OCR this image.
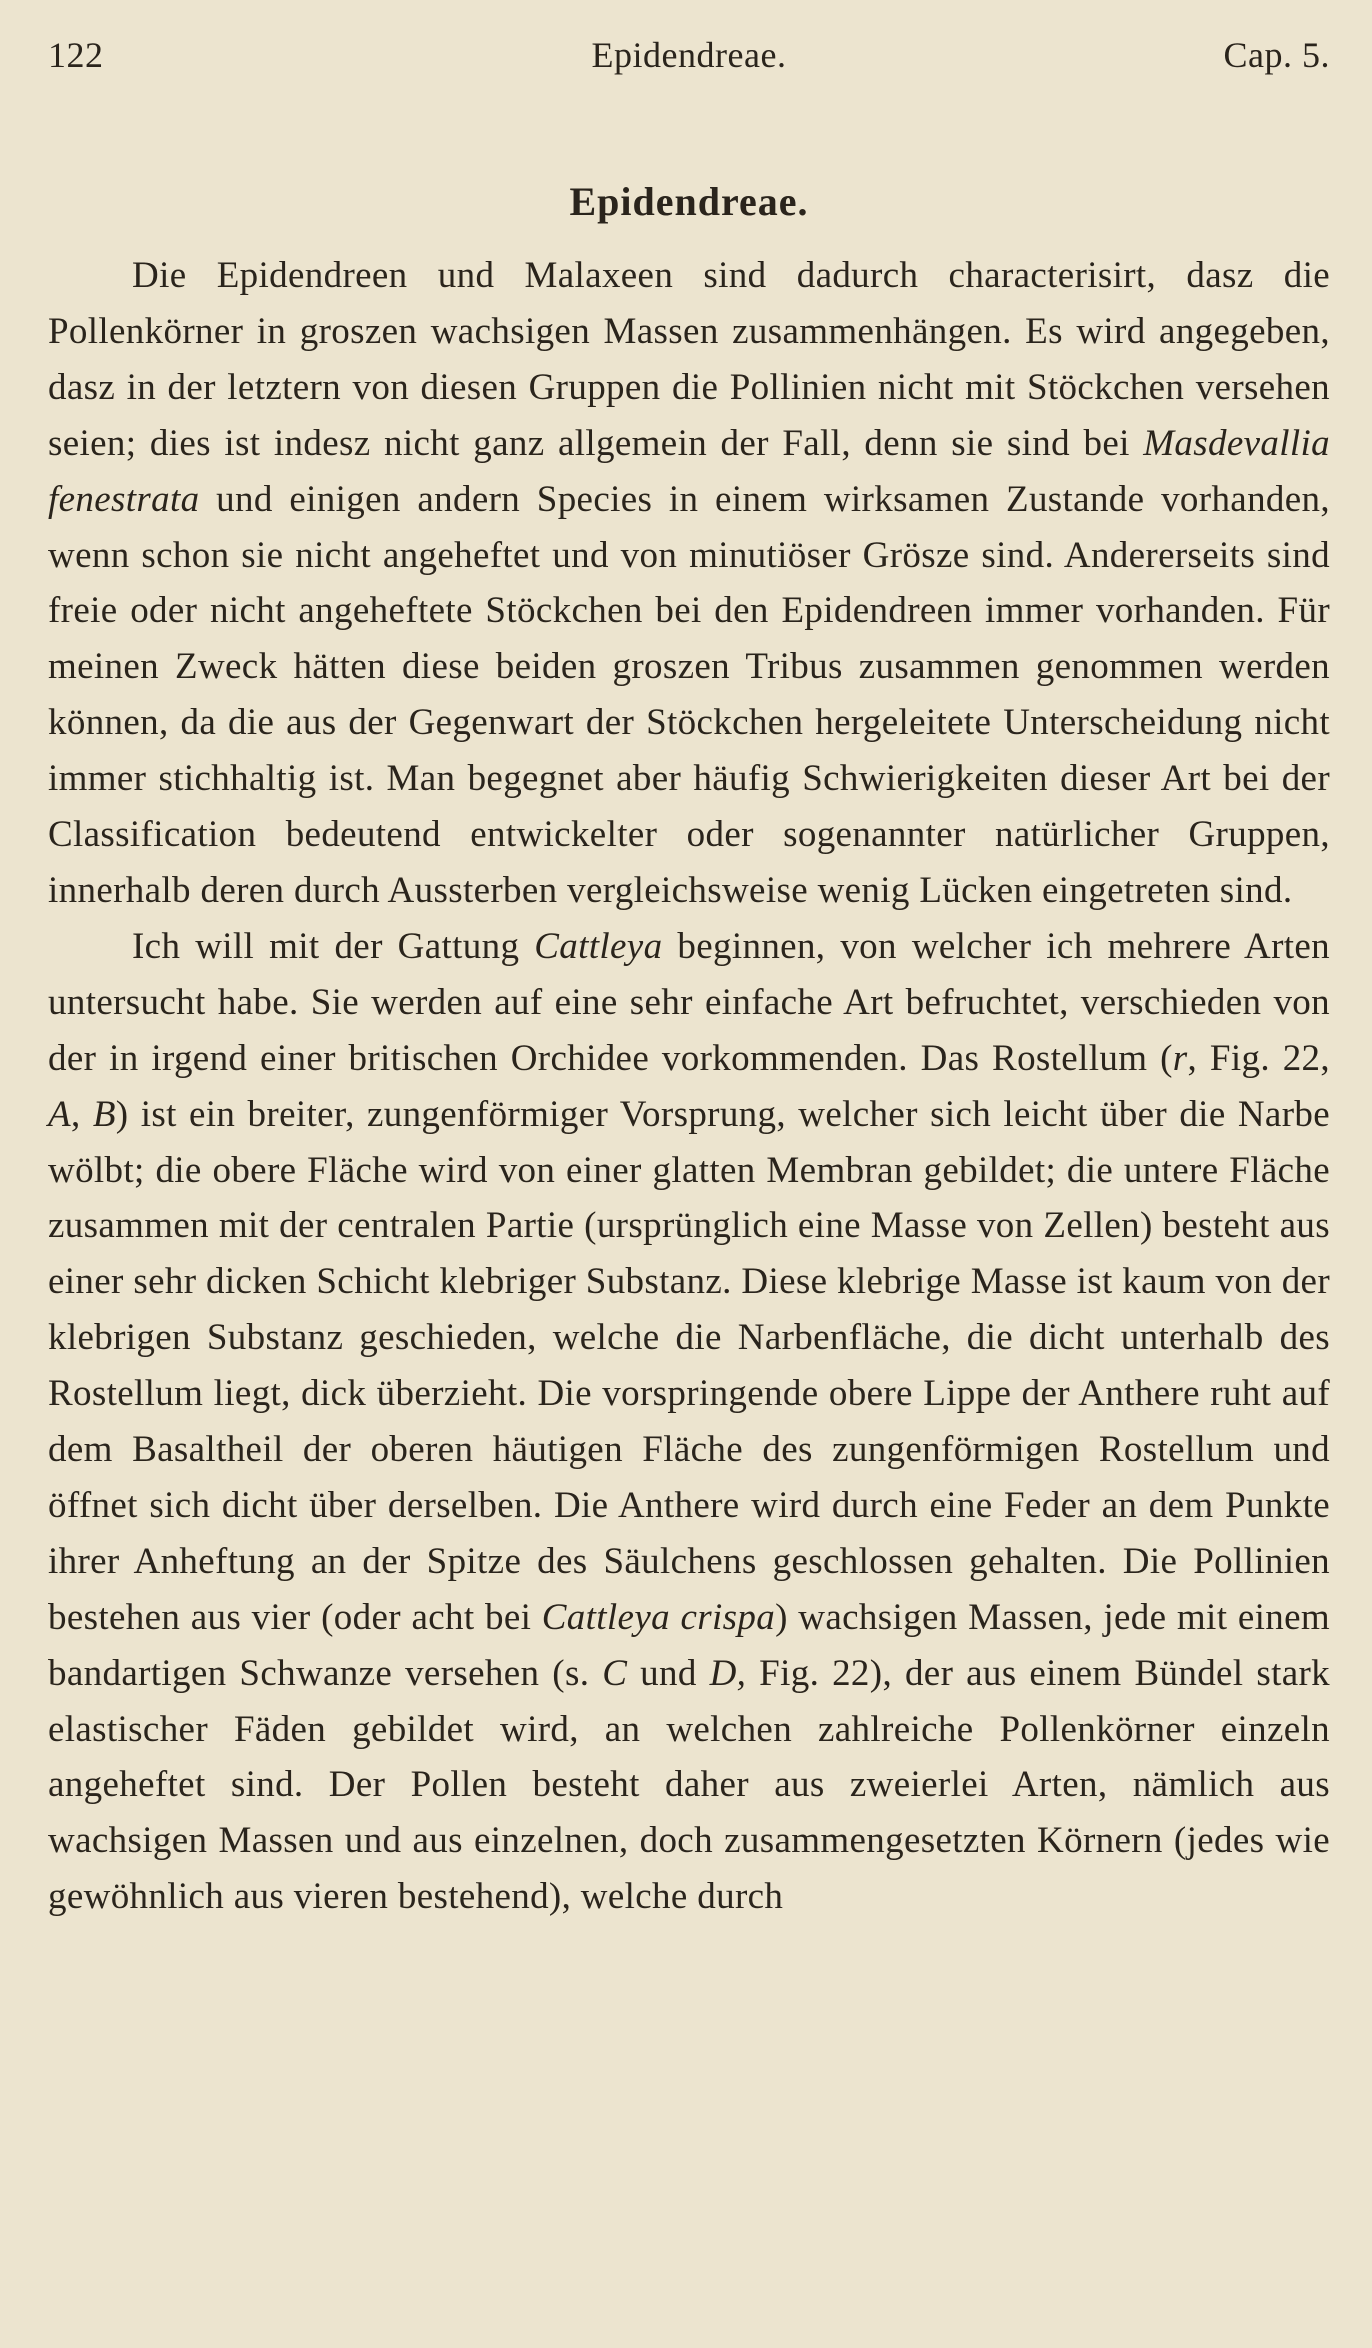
122	Epidendreae.	Cap. 5.
Epidendreae.

Die Epidendreen und Malaxeen sind dadurch characterisirt, dasz die Pollenkörner in groszen wachsigen Massen zusammenhängen. Es wird angegeben, dasz in der letztern von diesen Gruppen die Pollinien nicht mit Stöckchen versehen seien; dies ist indesz nicht ganz allgemein der Fall, denn sie sind bei Masdevallia fenestrata und einigen andern Species in einem wirksamen Zustande vorhanden, wenn schon sie nicht angeheftet und von minutiöser Grösze sind. Andererseits sind freie oder nicht angeheftete Stöckchen bei den Epidendreen immer vorhanden. Für meinen Zweck hätten diese beiden groszen Tribus zusammen genommen werden können, da die aus der Gegenwart der Stöckchen hergeleitete Unterscheidung nicht immer stichhaltig ist. Man begegnet aber häufig Schwierigkeiten dieser Art bei der Classification bedeutend entwickelter oder sogenannter natürlicher Gruppen, innerhalb deren durch Aussterben vergleichsweise wenig Lücken eingetreten sind.

Ich will mit der Gattung Cattleya beginnen, von welcher ich mehrere Arten untersucht habe. Sie werden auf eine sehr einfache Art befruchtet, verschieden von der in irgend einer britischen Orchidee vorkommenden. Das Rostellum (r, Fig. 22, A, B) ist ein breiter, zungenförmiger Vorsprung, welcher sich leicht über die Narbe wölbt; die obere Fläche wird von einer glatten Membran gebildet; die untere Fläche zusammen mit der centralen Partie (ursprünglich eine Masse von Zellen) besteht aus einer sehr dicken Schicht klebriger Substanz. Diese klebrige Masse ist kaum von der klebrigen Substanz geschieden, welche die Narbenfläche, die dicht unterhalb des Rostellum liegt, dick überzieht. Die vorspringende obere Lippe der Anthere ruht auf dem Basaltheil der oberen häutigen Fläche des zungenförmigen Rostellum und öffnet sich dicht über derselben. Die Anthere wird durch eine Feder an dem Punkte ihrer Anheftung an der Spitze des Säulchens geschlossen gehalten. Die Pollinien bestehen aus vier (oder acht bei Cattleya crispa) wachsigen Massen, jede mit einem bandartigen Schwanze versehen (s. C und D, Fig. 22), der aus einem Bündel stark elastischer Fäden gebildet wird, an welchen zahlreiche Pollenkörner einzeln angeheftet sind. Der Pollen besteht daher aus zweierlei Arten, nämlich aus wachsigen Massen und aus einzelnen, doch zusammengesetzten Körnern (jedes wie gewöhnlich aus vieren bestehend), welche durch
